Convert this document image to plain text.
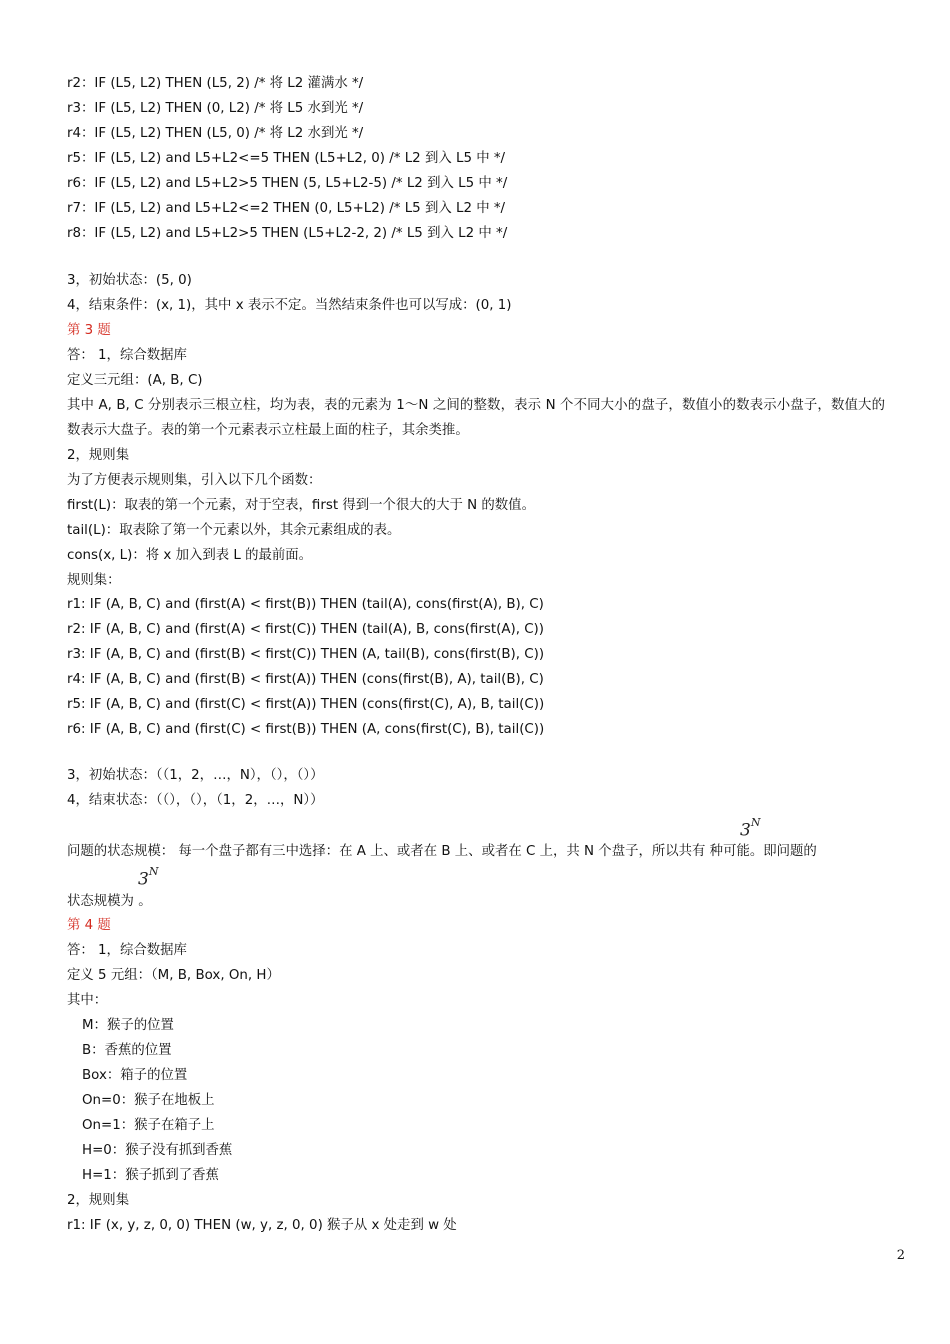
r2：IF (L5, L2) THEN (L5, 2) /* 将 L2 灌满水 */
r3：IF (L5, L2) THEN (0, L2) /* 将 L5 水到光 */
r4：IF (L5, L2) THEN (L5, 0) /* 将 L2 水到光 */
r5：IF (L5, L2) and L5+L2<=5 THEN (L5+L2, 0) /* L2 到入 L5 中 */
r6：IF (L5, L2) and L5+L2>5 THEN (5, L5+L2-5) /* L2 到入 L5 中 */
r7：IF (L5, L2) and L5+L2<=2 THEN (0, L5+L2) /* L5 到入 L2 中 */
r8：IF (L5, L2) and L5+L2>5 THEN (L5+L2-2, 2) /* L5 到入 L2 中 */
3，初始状态：(5, 0)
4，结束条件：(x, 1)，其中 x 表示不定。当然结束条件也可以写成：(0, 1)
第 3 题
答： 1，综合数据库
定义三元组：(A, B, C)
其中 A, B, C 分别表示三根立柱，均为表，表的元素为 1～N 之间的整数，表示 N 个不同大小的盘子，数值小的数表示小盘子，数值大的数表示大盘子。表的第一个元素表示立柱最上面的柱子，其余类推。
2，规则集
为了方便表示规则集，引入以下几个函数：
first(L)：取表的第一个元素，对于空表，first 得到一个很大的大于 N 的数值。
tail(L)：取表除了第一个元素以外，其余元素组成的表。
cons(x, L)：将 x 加入到表 L 的最前面。
规则集：
r1: IF (A, B, C) and (first(A) < first(B)) THEN (tail(A), cons(first(A), B), C)
r2: IF (A, B, C) and (first(A) < first(C)) THEN (tail(A), B, cons(first(A), C))
r3: IF (A, B, C) and (first(B) < first(C)) THEN (A, tail(B), cons(first(B), C))
r4: IF (A, B, C) and (first(B) < first(A)) THEN (cons(first(B), A), tail(B), C)
r5: IF (A, B, C) and (first(C) < first(A)) THEN (cons(first(C), A), B, tail(C))
r6: IF (A, B, C) and (first(C) < first(B)) THEN (A, cons(first(C), B), tail(C))
3，初始状态：（（1，2，…，N），（），（））
4，结束状态：（（），（），（1，2，…，N））
$3^N$
问题的状态规模： 每一个盘子都有三中选择：在 A 上、或者在 B 上、或者在 C 上，共 N 个盘子，所以共有 种可能。即问题的
$3^N$
状态规模为 。
第 4 题
答： 1，综合数据库
定义 5 元组：（M, B, Box, On, H）
其中：
M：猴子的位置
B：香蕉的位置
Box：箱子的位置
On=0：猴子在地板上
On=1：猴子在箱子上
H=0：猴子没有抓到香蕉
H=1：猴子抓到了香蕉
2，规则集
r1: IF (x, y, z, 0, 0) THEN (w, y, z, 0, 0) 猴子从 x 处走到 w 处
2
